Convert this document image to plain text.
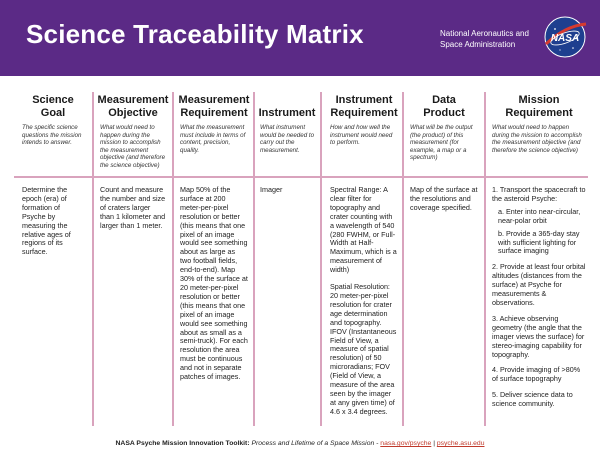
Science Traceability Matrix	National Aeronautics and
Space Administration
NASA
Science Goal

The specific science questions the mission intends to answer.
Determine the epoch (era) of formation of Psyche by measuring the relative ages of regions of its surface.
Measurement
Objective
What would need to happen during the mission to accomplish the measurement objective (and therefore the science objective)
Count and measure the number and size of craters larger than 1 kilometer and larger than 1 meter.
Measurement
Requirement
What the measurement must include in terms of content, precision, quality.
Map 50% of the surface at 200 meter-per-pixel resolution or better (this means that one pixel of an image would see something about as large as two football fields, end-to-end). Map 30% of the surface at 20 meter-per-pixel resolution or better (this means that one pixel of an image would see something about as small as a semi-truck). For each resolution the area must be continuous and not in separate patches of images.
Instrument

What instrument would be needed to carry out the measurement.
Imager
Instrument
Requirement
How and how well the instrument would need to perform.
Spectral Range: A clear filter for topography and crater counting with a wavelength of 540 (280 FWHM, or Full-Width at Half-Maximum, which is a measurement of width)
Spatial Resolution: 20 meter-per-pixel resolution for crater age determination and topography. IFOV (Instantaneous Field of View, a measure of spatial resolution) of 50 microradians; FOV (Field of View, a measure of the area seen by the imager at any given time) of 4.6 x 3.4 degrees.
Data Product

What will be the output (the product) of this measurement (for example, a map or a spectrum)
Map of the surface at the resolutions and coverage specified.
Mission Requirement

What would need to happen during the mission to accomplish the measurement objective (and therefore the science objective)
1. Transport the spacecraft to the asteroid Psyche:
a. Enter into near-circular, near-polar orbit
b. Provide a 365-day stay with sufficient lighting for surface imaging
2. Provide at least four orbital altitudes (distances from the surface) at Psyche for measurements & observations.
3. Achieve observing geometry (the angle that the imager views the surface) for stereo-imaging capability for topography.
4. Provide imaging of >80% of surface topography
5. Deliver science data to science community.
NASA Psyche Mission Innovation Toolkit: Process and Lifetime of a Space Mission - nasa.gov/psyche | psyche.asu.edu
